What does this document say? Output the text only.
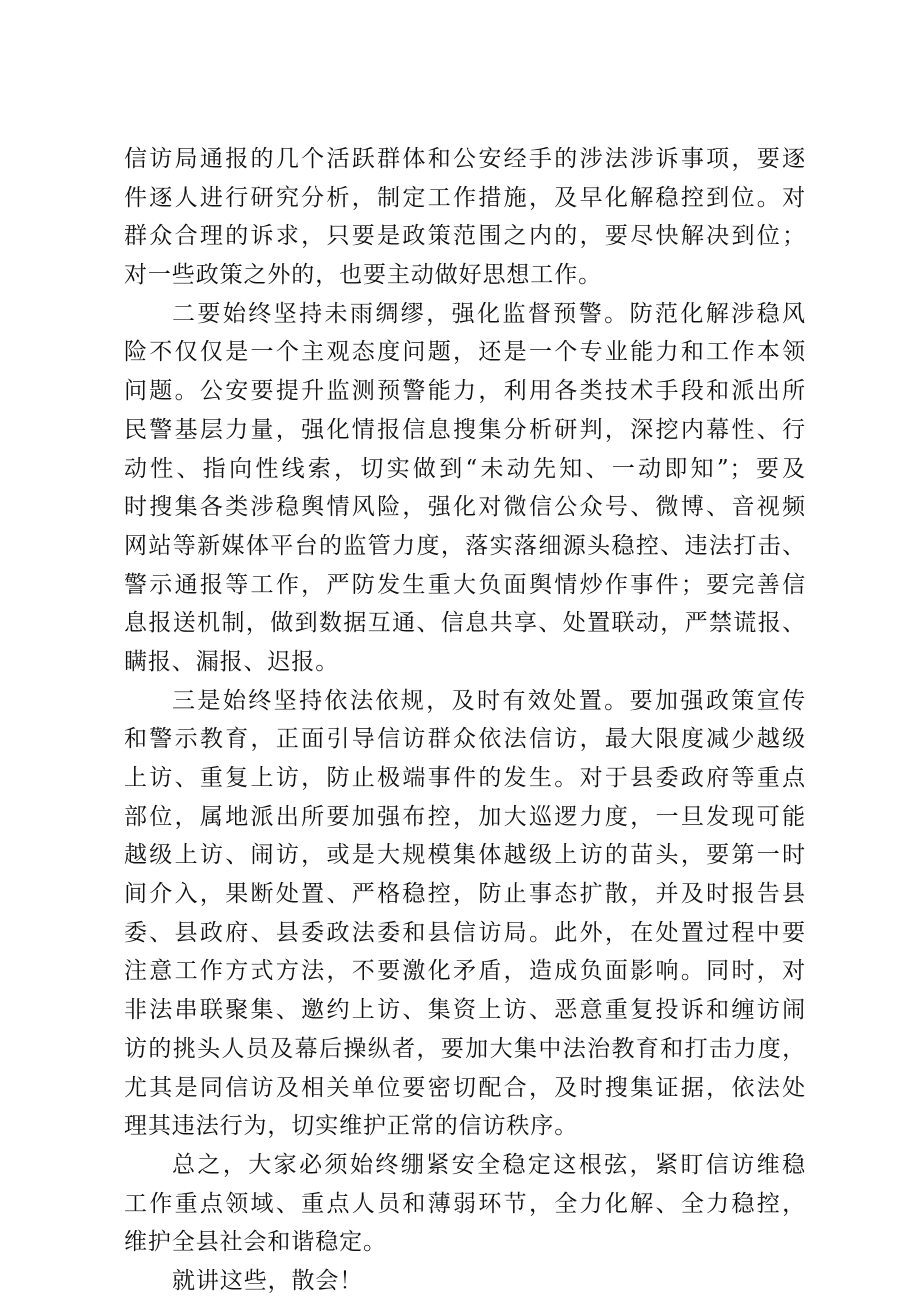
信访局通报的几个活跃群体和公安经手的涉法涉诉事项，要逐
件逐人进行研究分析，制定工作措施，及早化解稳控到位。对
群众合理的诉求，只要是政策范围之内的，要尽快解决到位；
对一些政策之外的，也要主动做好思想工作。
二要始终坚持未雨绸缪，强化监督预警。防范化解涉稳风
险不仅仅是一个主观态度问题，还是一个专业能力和工作本领
问题。公安要提升监测预警能力，利用各类技术手段和派出所
民警基层力量，强化情报信息搜集分析研判，深挖内幕性、行
动性、指向性线索，切实做到“未动先知、一动即知”；要及
时搜集各类涉稳舆情风险，强化对微信公众号、微博、音视频
网站等新媒体平台的监管力度，落实落细源头稳控、违法打击、
警示通报等工作，严防发生重大负面舆情炒作事件；要完善信
息报送机制，做到数据互通、信息共享、处置联动，严禁谎报、
瞒报、漏报、迟报。
三是始终坚持依法依规，及时有效处置。要加强政策宣传
和警示教育，正面引导信访群众依法信访，最大限度减少越级
上访、重复上访，防止极端事件的发生。对于县委政府等重点
部位，属地派出所要加强布控，加大巡逻力度，一旦发现可能
越级上访、闹访，或是大规模集体越级上访的苗头，要第一时
间介入，果断处置、严格稳控，防止事态扩散，并及时报告县
委、县政府、县委政法委和县信访局。此外，在处置过程中要
注意工作方式方法，不要激化矛盾，造成负面影响。同时，对
非法串联聚集、邀约上访、集资上访、恶意重复投诉和缠访闹
访的挑头人员及幕后操纵者，要加大集中法治教育和打击力度，
尤其是同信访及相关单位要密切配合，及时搜集证据，依法处
理其违法行为，切实维护正常的信访秩序。
总之，大家必须始终绷紧安全稳定这根弦，紧盯信访维稳
工作重点领域、重点人员和薄弱环节，全力化解、全力稳控，
维护全县社会和谐稳定。
就讲这些，散会！
